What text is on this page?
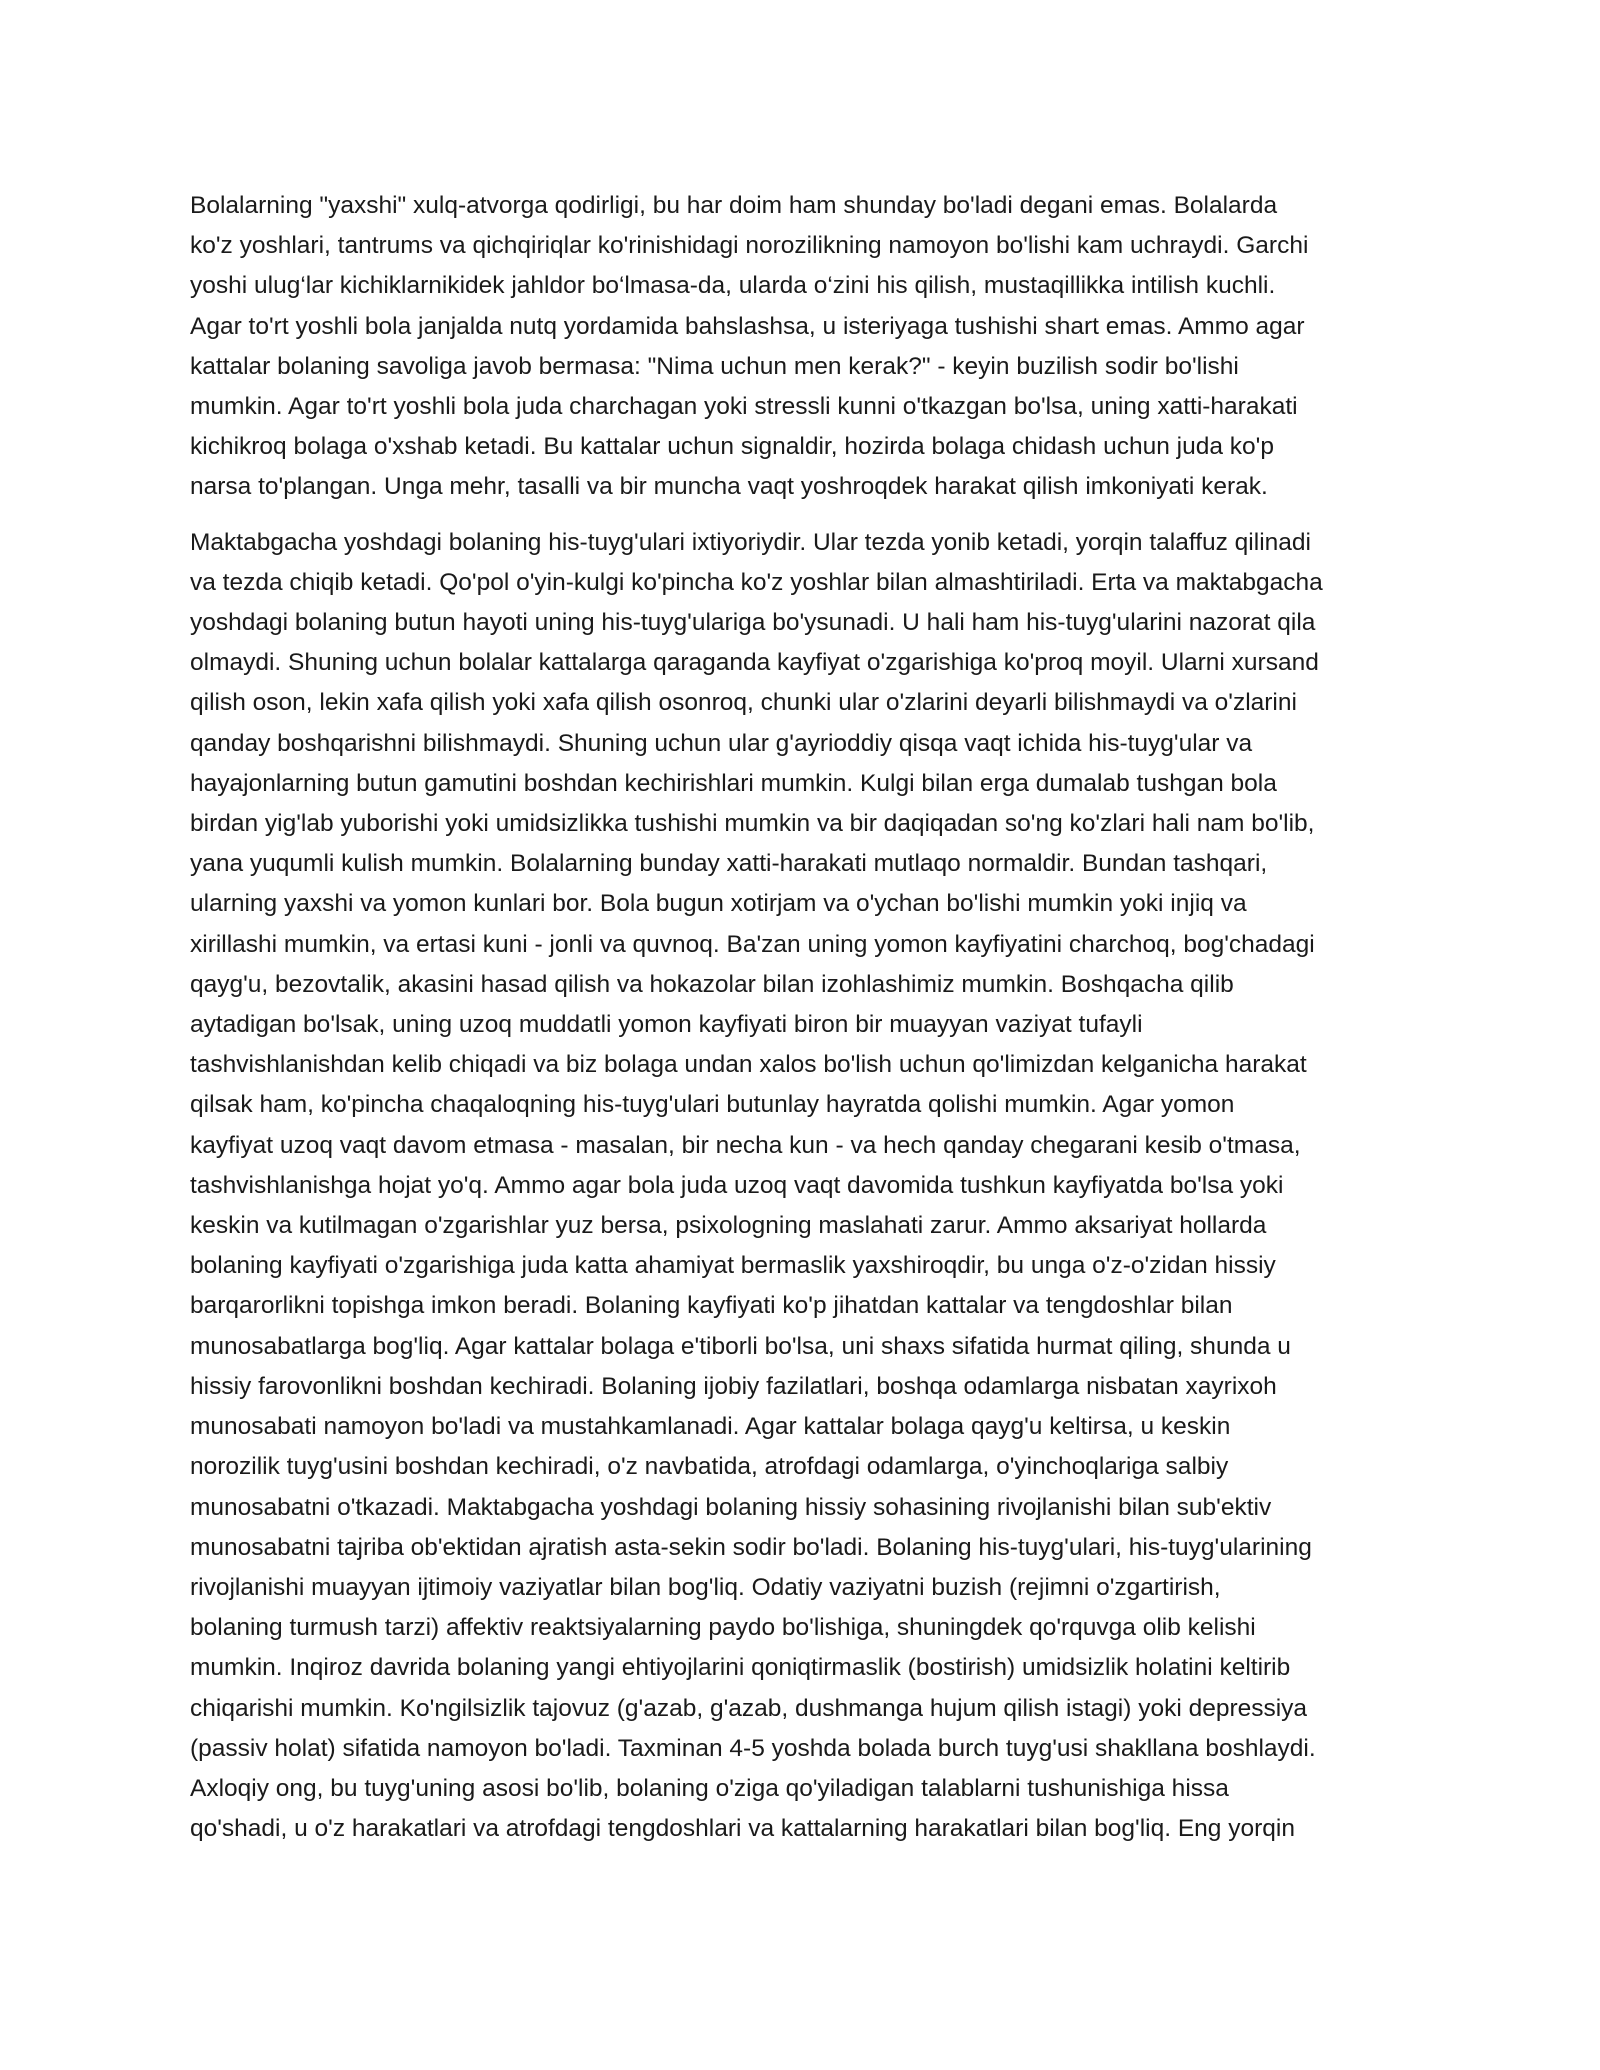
Bolalarning "yaxshi" xulq-atvorga qodirligi, bu har doim ham shunday bo'ladi degani emas. Bolalarda
ko'z yoshlari, tantrums va qichqiriqlar ko'rinishidagi norozilikning namoyon bo'lishi kam uchraydi. Garchi
yoshi ulug‘lar kichiklarnikidek jahldor bo‘lmasa-da, ularda o‘zini his qilish, mustaqillikka intilish kuchli.
Agar to'rt yoshli bola janjalda nutq yordamida bahslashsa, u isteriyaga tushishi shart emas. Ammo agar
kattalar bolaning savoliga javob bermasa: "Nima uchun men kerak?" - keyin buzilish sodir bo'lishi
mumkin. Agar to'rt yoshli bola juda charchagan yoki stressli kunni o'tkazgan bo'lsa, uning xatti-harakati
kichikroq bolaga o'xshab ketadi. Bu kattalar uchun signaldir, hozirda bolaga chidash uchun juda ko'p
narsa to'plangan. Unga mehr, tasalli va bir muncha vaqt yoshroqdek harakat qilish imkoniyati kerak.

Maktabgacha yoshdagi bolaning his-tuyg'ulari ixtiyoriydir. Ular tezda yonib ketadi, yorqin talaffuz qilinadi
va tezda chiqib ketadi. Qo'pol o'yin-kulgi ko'pincha ko'z yoshlar bilan almashtiriladi. Erta va maktabgacha
yoshdagi bolaning butun hayoti uning his-tuyg'ulariga bo'ysunadi. U hali ham his-tuyg'ularini nazorat qila
olmaydi. Shuning uchun bolalar kattalarga qaraganda kayfiyat o'zgarishiga ko'proq moyil. Ularni xursand
qilish oson, lekin xafa qilish yoki xafa qilish osonroq, chunki ular o'zlarini deyarli bilishmaydi va o'zlarini
qanday boshqarishni bilishmaydi. Shuning uchun ular g'ayrioddiy qisqa vaqt ichida his-tuyg'ular va
hayajonlarning butun gamutini boshdan kechirishlari mumkin. Kulgi bilan erga dumalab tushgan bola
birdan yig'lab yuborishi yoki umidsizlikka tushishi mumkin va bir daqiqadan so'ng ko'zlari hali nam bo'lib,
yana yuqumli kulish mumkin. Bolalarning bunday xatti-harakati mutlaqo normaldir. Bundan tashqari,
ularning yaxshi va yomon kunlari bor. Bola bugun xotirjam va o'ychan bo'lishi mumkin yoki injiq va
xirillashi mumkin, va ertasi kuni - jonli va quvnoq. Ba'zan uning yomon kayfiyatini charchoq, bog'chadagi
qayg'u, bezovtalik, akasini hasad qilish va hokazolar bilan izohlashimiz mumkin. Boshqacha qilib
aytadigan bo'lsak, uning uzoq muddatli yomon kayfiyati biron bir muayyan vaziyat tufayli
tashvishlanishdan kelib chiqadi va biz bolaga undan xalos bo'lish uchun qo'limizdan kelganicha harakat
qilsak ham, ko'pincha chaqaloqning his-tuyg'ulari butunlay hayratda qolishi mumkin. Agar yomon
kayfiyat uzoq vaqt davom etmasa - masalan, bir necha kun - va hech qanday chegarani kesib o'tmasa,
tashvishlanishga hojat yo'q. Ammo agar bola juda uzoq vaqt davomida tushkun kayfiyatda bo'lsa yoki
keskin va kutilmagan o'zgarishlar yuz bersa, psixologning maslahati zarur. Ammo aksariyat hollarda
bolaning kayfiyati o'zgarishiga juda katta ahamiyat bermaslik yaxshiroqdir, bu unga o'z-o'zidan hissiy
barqarorlikni topishga imkon beradi. Bolaning kayfiyati ko'p jihatdan kattalar va tengdoshlar bilan
munosabatlarga bog'liq. Agar kattalar bolaga e'tiborli bo'lsa, uni shaxs sifatida hurmat qiling, shunda u
hissiy farovonlikni boshdan kechiradi. Bolaning ijobiy fazilatlari, boshqa odamlarga nisbatan xayrixoh
munosabati namoyon bo'ladi va mustahkamlanadi. Agar kattalar bolaga qayg'u keltirsa, u keskin
norozilik tuyg'usini boshdan kechiradi, o'z navbatida, atrofdagi odamlarga, o'yinchoqlariga salbiy
munosabatni o'tkazadi. Maktabgacha yoshdagi bolaning hissiy sohasining rivojlanishi bilan sub'ektiv
munosabatni tajriba ob'ektidan ajratish asta-sekin sodir bo'ladi. Bolaning his-tuyg'ulari, his-tuyg'ularining
rivojlanishi muayyan ijtimoiy vaziyatlar bilan bog'liq. Odatiy vaziyatni buzish (rejimni o'zgartirish,
bolaning turmush tarzi) affektiv reaktsiyalarning paydo bo'lishiga, shuningdek qo'rquvga olib kelishi
mumkin. Inqiroz davrida bolaning yangi ehtiyojlarini qoniqtirmaslik (bostirish) umidsizlik holatini keltirib
chiqarishi mumkin. Ko'ngilsizlik tajovuz (g'azab, g'azab, dushmanga hujum qilish istagi) yoki depressiya
(passiv holat) sifatida namoyon bo'ladi. Taxminan 4-5 yoshda bolada burch tuyg'usi shakllana boshlaydi.
Axloqiy ong, bu tuyg'uning asosi bo'lib, bolaning o'ziga qo'yiladigan talablarni tushunishiga hissa
qo'shadi, u o'z harakatlari va atrofdagi tengdoshlari va kattalarning harakatlari bilan bog'liq. Eng yorqin
